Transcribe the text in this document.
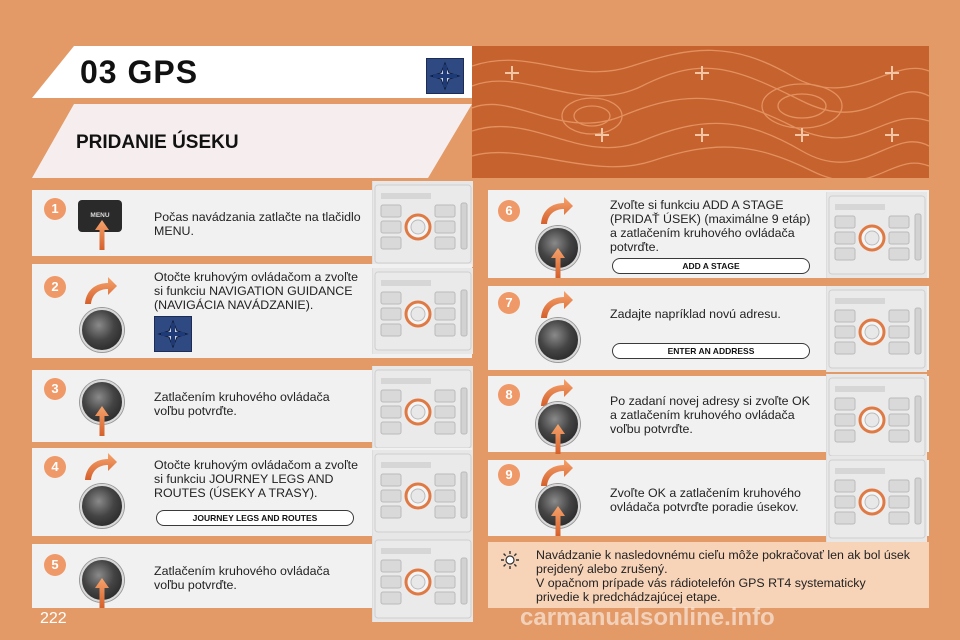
03 GPS
PRIDANIE ÚSEKU
1	MENU	Počas navádzania zatlačte na tlačidlo
MENU.
2
Otočte kruhovým ovládačom a zvoľte
si funkciu NAVIGATION GUIDANCE
(NAVIGÁCIA NAVÁDZANIE).
3
Zatlačením kruhového ovládača
voľbu potvrďte.
4	Otočte kruhovým ovládačom a zvoľte
si funkciu JOURNEY LEGS AND
ROUTES (ÚSEKY A TRASY).
JOURNEY LEGS AND ROUTES
5	Zatlačením kruhového ovládača
voľbu potvrďte.
6	Zvoľte si funkciu ADD A STAGE
(PRIDAŤ ÚSEK) (maximálne 9 etáp)
a zatlačením kruhového ovládača
potvrďte.
ADD A STAGE
7
Zadajte napríklad novú adresu.
ENTER AN ADDRESS
8	Po zadaní novej adresy si zvoľte OK
a zatlačením kruhového ovládača
voľbu potvrďte.
9
Zvoľte OK a zatlačením kruhového
ovládača potvrďte poradie úsekov.
Navádzanie k nasledovnému cieľu môže pokračovať len ak bol úsek
prejdený alebo zrušený.
V opačnom prípade vás rádiotelefón GPS RT4 systematicky
privedie k predchádzajúcej etape.
222	carmanualsonline.info
